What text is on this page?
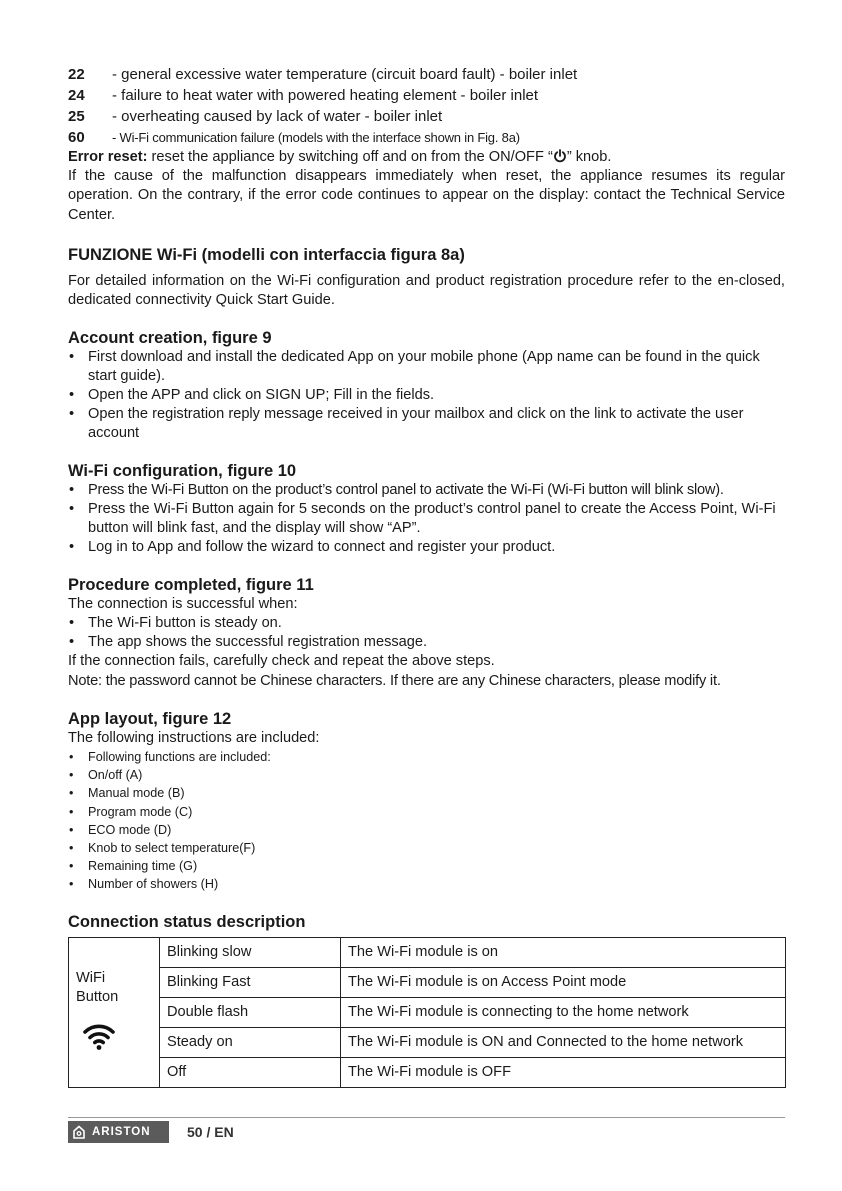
22	- general excessive water temperature (circuit board fault) - boiler inlet
24	- failure to heat water with powered heating element - boiler inlet
25	- overheating caused by lack of water - boiler inlet
60	- Wi-Fi communication failure (models with the interface shown in Fig. 8a)
Error reset: reset the appliance by switching off and on from the ON/OFF “ ” knob.
If the cause of the malfunction disappears immediately when reset, the appliance resumes its regular operation. On the contrary, if the error code continues to appear on the display: contact the Technical Service Center.
FUNZIONE Wi-Fi (modelli con interfaccia figura 8a)
For detailed information on the Wi-Fi configuration and product registration procedure refer to the en-closed, dedicated connectivity Quick Start Guide.
Account creation, figure 9
• First download and install the dedicated App on your mobile phone (App name can be found in the quick start guide).
• Open the APP and click on SIGN UP; Fill in the fields.
• Open the registration reply message received in your mailbox and click on the link to activate the user account
Wi-Fi configuration, figure 10
• Press the Wi-Fi Button on the product’s control panel to activate the Wi-Fi (Wi-Fi button will blink slow).
• Press the Wi-Fi Button again for 5 seconds on the product’s control panel to create the Access Point, Wi-Fi button will blink fast, and the display will show “AP”.
• Log in to App and follow the wizard to connect and register your product.
Procedure completed, figure 11
The connection is successful when:
• The Wi-Fi button is steady on.
• The app shows the successful registration message.
If the connection fails, carefully check and repeat the above steps.
Note: the password cannot be Chinese characters. If there are any Chinese characters, please modify it.
App layout, figure 12
The following instructions are included:
• Following functions are included:
• On/off (A)
• Manual mode (B)
• Program mode (C)
• ECO mode (D)
• Knob to select temperature(F)
• Remaining time (G)
• Number of showers (H)
Connection status description
WiFi
Button	Blinking slow	The Wi-Fi module is on
	Blinking Fast	The Wi-Fi module is on Access Point mode
	Double flash	The Wi-Fi module is connecting to the home network
	Steady on	The Wi-Fi module is ON and Connected to the home network
	Off	The Wi-Fi module is OFF
ARISTON	50 / EN
